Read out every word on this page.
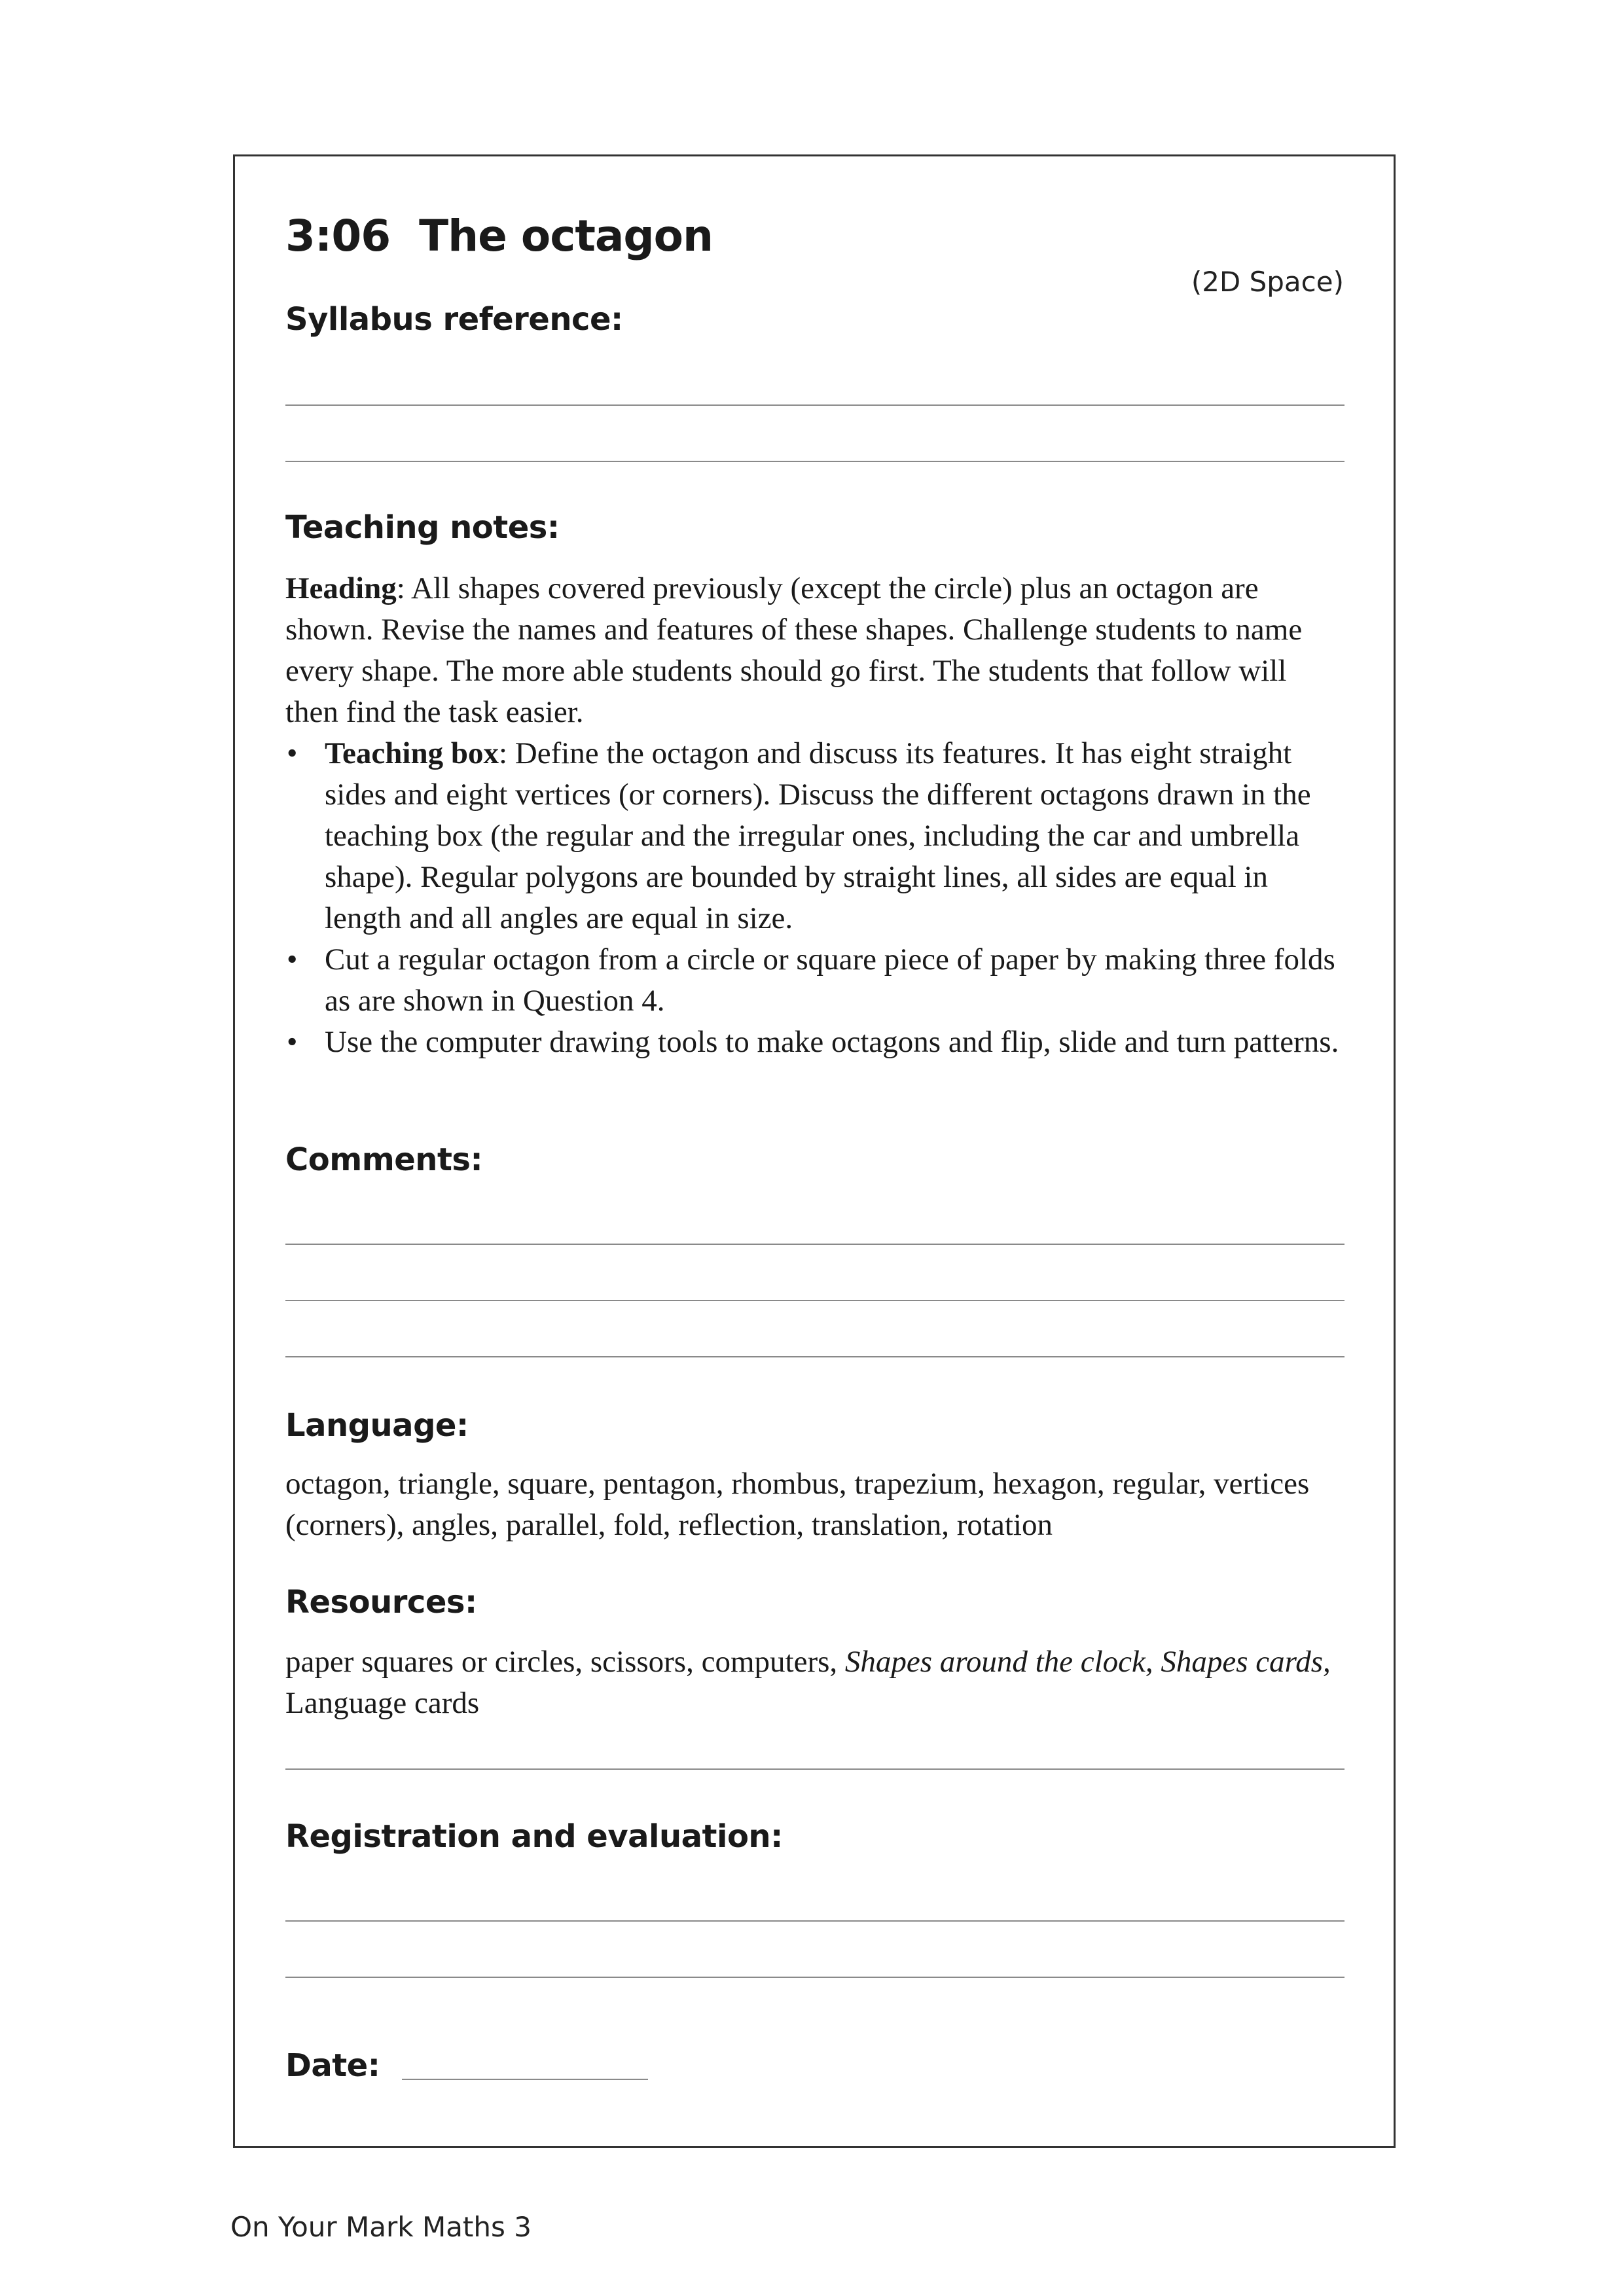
3:06  The octagon
(2D Space)
Syllabus reference:
Teaching notes:

Heading: All shapes covered previously (except the circle) plus an octagon are shown. Revise the names and features of these shapes. Challenge students to name every shape. The more able students should go first. The students that follow will then find the task easier.

• Teaching box: Define the octagon and discuss its features. It has eight straight sides and eight vertices (or corners). Discuss the different octagons drawn in the teaching box (the regular and the irregular ones, including the car and umbrella shape). Regular polygons are bounded by straight lines, all sides are equal in length and all angles are equal in size.
• Cut a regular octagon from a circle or square piece of paper by making three folds as are shown in Question 4.
• Use the computer drawing tools to make octagons and flip, slide and turn patterns.
Comments:
Language:
octagon, triangle, square, pentagon, rhombus, trapezium, hexagon, regular, vertices (corners), angles, parallel, fold, reflection, translation, rotation
Resources:
paper squares or circles, scissors, computers, Shapes around the clock, Shapes cards, Language cards
Registration and evaluation:
Date:
On Your Mark Maths 3
